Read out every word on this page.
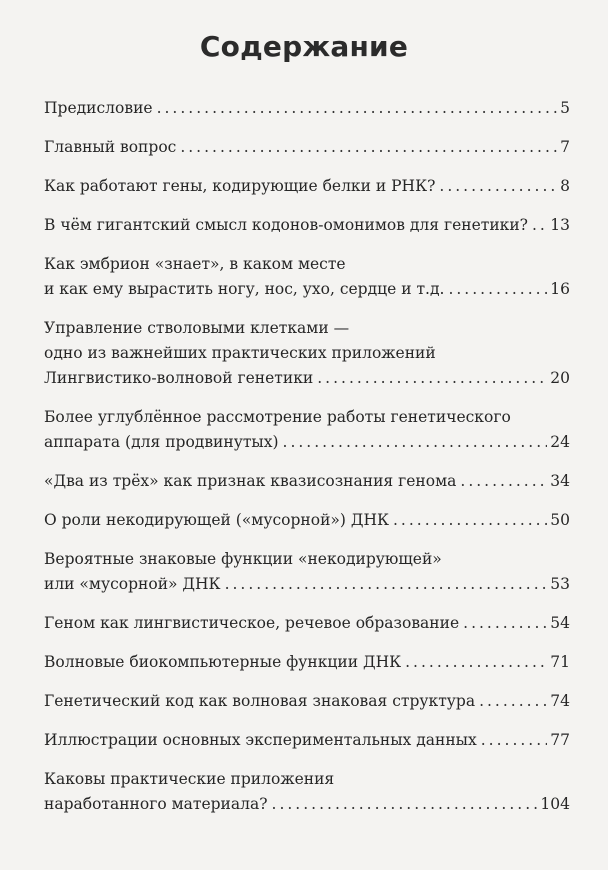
Содержание
Предисловие .....	5
Главный вопрос .....	7
Как работают гены, кодирующие белки и РНК? .....	8
В чём гигантский смысл кодонов-омонимов для генетики? ..... 13
Как эмбрион «знает», в каком месте
и как ему вырастить ногу, нос, ухо, сердце и т.д. .....	16
Управление стволовыми клетками —
одно из важнейших практических приложений
Лингвистико-волновой генетики .....	20
Более углублённое рассмотрение работы генетического
аппарата (для продвинутых) .....	24
«Два из трёх» как признак квазисознания генома .....	34
О роли некодирующей («мусорной») ДНК .....	50
Вероятные знаковые функции «некодирующей»
или «мусорной» ДНК .....	53
Геном как лингвистическое, речевое образование .....	54
Волновые биокомпьютерные функции ДНК .....	71
Генетический код как волновая знаковая структура .....	74
Иллюстрации основных экспериментальных данных .....	77
Каковы практические приложения
наработанного материала? .....	104
